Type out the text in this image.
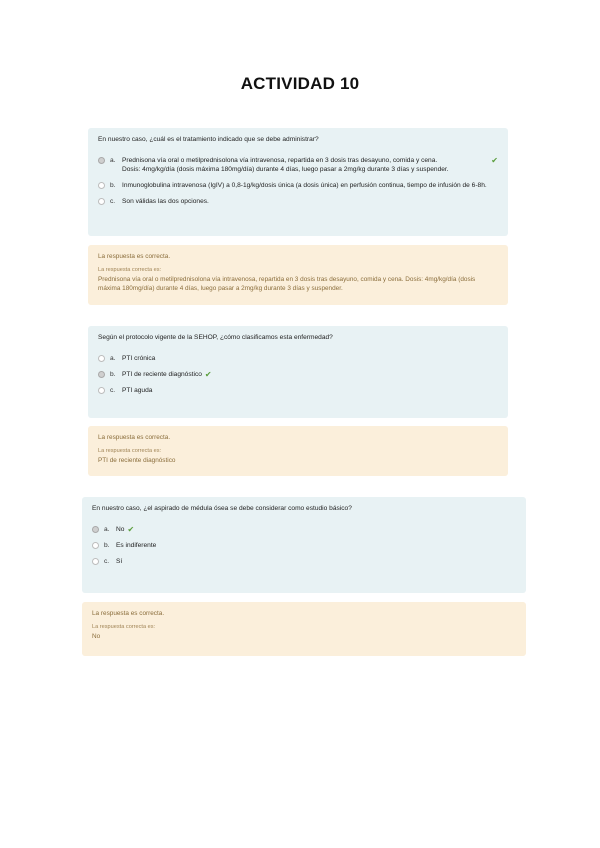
ACTIVIDAD 10
En nuestro caso, ¿cuál es el tratamiento indicado que se debe administrar?
a. Prednisona vía oral o metilprednisolona vía intravenosa, repartida en 3 dosis tras desayuno, comida y cena.
Dosis: 4mg/kg/día (dosis máxima 180mg/día) durante 4 días, luego pasar a 2mg/kg durante 3 días y suspender.
✔
b. Inmunoglobulina intravenosa (IgIV) a 0,8-1g/kg/dosis única (a dosis única) en perfusión continua, tiempo de infusión de 6-8h.
c.	Son válidas las dos opciones.
La respuesta es correcta.
La respuesta correcta es:
Prednisona vía oral o metilprednisolona vía intravenosa, repartida en 3 dosis tras desayuno, comida y cena. Dosis: 4mg/kg/día (dosis máxima 180mg/día) durante 4 días, luego pasar a 2mg/kg durante 3 días y suspender.
Según el protocolo vigente de la SEHOP, ¿cómo clasificamos esta enfermedad?
a. PTI crónica
b. PTI de reciente diagnóstico ✔
c.	PTI aguda
La respuesta es correcta.
La respuesta correcta es:
PTI de reciente diagnóstico
En nuestro caso, ¿el aspirado de médula ósea se debe considerar como estudio básico?
a. No ✔
b. Es indiferente
c.	Sí
La respuesta es correcta.
La respuesta correcta es:
No
